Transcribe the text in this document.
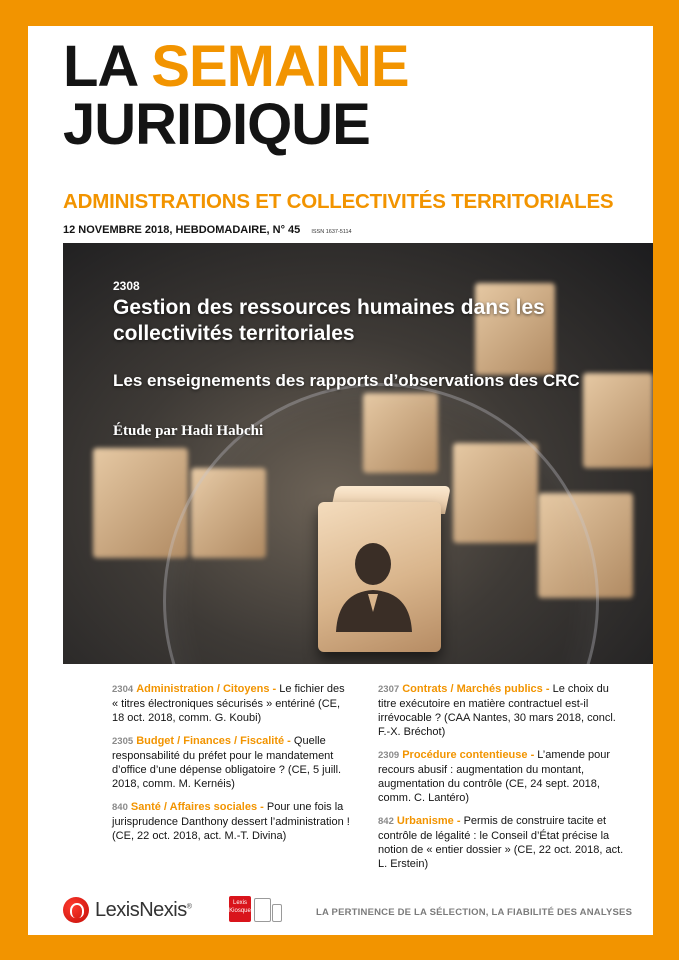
LA SEMAINE
JURIDIQUE
ADMINISTRATIONS ET COLLECTIVITÉS TERRITORIALES
12 NOVEMBRE 2018, HEBDOMADAIRE, N° 45 ISSN 1637-5114
2308
Gestion des ressources humaines dans les collectivités territoriales
Les enseignements des rapports d’observations des CRC
Étude par Hadi Habchi
2304 Administration / Citoyens - Le fichier des « titres électroniques sécurisés » entériné (CE, 18 oct. 2018, comm. G. Koubi)
2305 Budget / Finances / Fiscalité - Quelle responsabilité du préfet pour le mandatement d’office d’une dépense obligatoire ? (CE, 5 juill. 2018, comm. M. Kernéis)
840 Santé / Affaires sociales - Pour une fois la jurisprudence Danthony dessert l’administration ! (CE, 22 oct. 2018, act. M.-T. Divina)
2307 Contrats / Marchés publics - Le choix du titre exécutoire en matière contractuel est-il irrévocable ? (CAA Nantes, 30 mars 2018, concl. F.-X. Bréchot)
2309 Procédure contentieuse - L’amende pour recours abusif : augmentation du montant, augmentation du contrôle (CE, 24 sept. 2018, comm. C. Lantéro)
842 Urbanisme - Permis de construire tacite et contrôle de légalité : le Conseil d’État précise la notion de « entier dossier » (CE, 22 oct. 2018, act. L. Erstein)
LexisNexis®	Lexis
Kiosque	LA PERTINENCE DE LA SÉLECTION, LA FIABILITÉ DES ANALYSES
